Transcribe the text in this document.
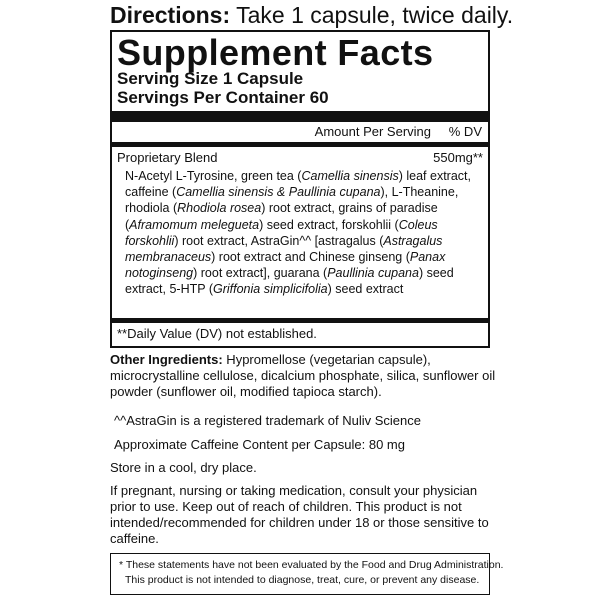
Directions: Take 1 capsule, twice daily.
Supplement Facts
Serving Size 1 Capsule
Servings Per Container 60
Amount Per Serving % DV
Proprietary Blend	550mg**
N-Acetyl L-Tyrosine, green tea (Camellia sinensis) leaf extract, caffeine (Camellia sinensis & Paullinia cupana), L-Theanine, rhodiola (Rhodiola rosea) root extract, grains of paradise (Aframomum melegueta) seed extract, forskohlii (Coleus forskohlii) root extract, AstraGin^^ [astragalus (Astragalus membranaceus) root extract and Chinese ginseng (Panax notoginseng) root extract], guarana (Paullinia cupana) seed extract, 5-HTP (Griffonia simplicifolia) seed extract
**Daily Value (DV) not established.
Other Ingredients: Hypromellose (vegetarian capsule), microcrystalline cellulose, dicalcium phosphate, silica, sunflower oil powder (sunflower oil, modified tapioca starch).
^^AstraGin is a registered trademark of Nuliv Science
Approximate Caffeine Content per Capsule: 80 mg
Store in a cool, dry place.
If pregnant, nursing or taking medication, consult your physician prior to use. Keep out of reach of children. This product is not intended/recommended for children under 18 or those sensitive to caffeine.
* These statements have not been evaluated by the Food and Drug Administration.
This product is not intended to diagnose, treat, cure, or prevent any disease.
